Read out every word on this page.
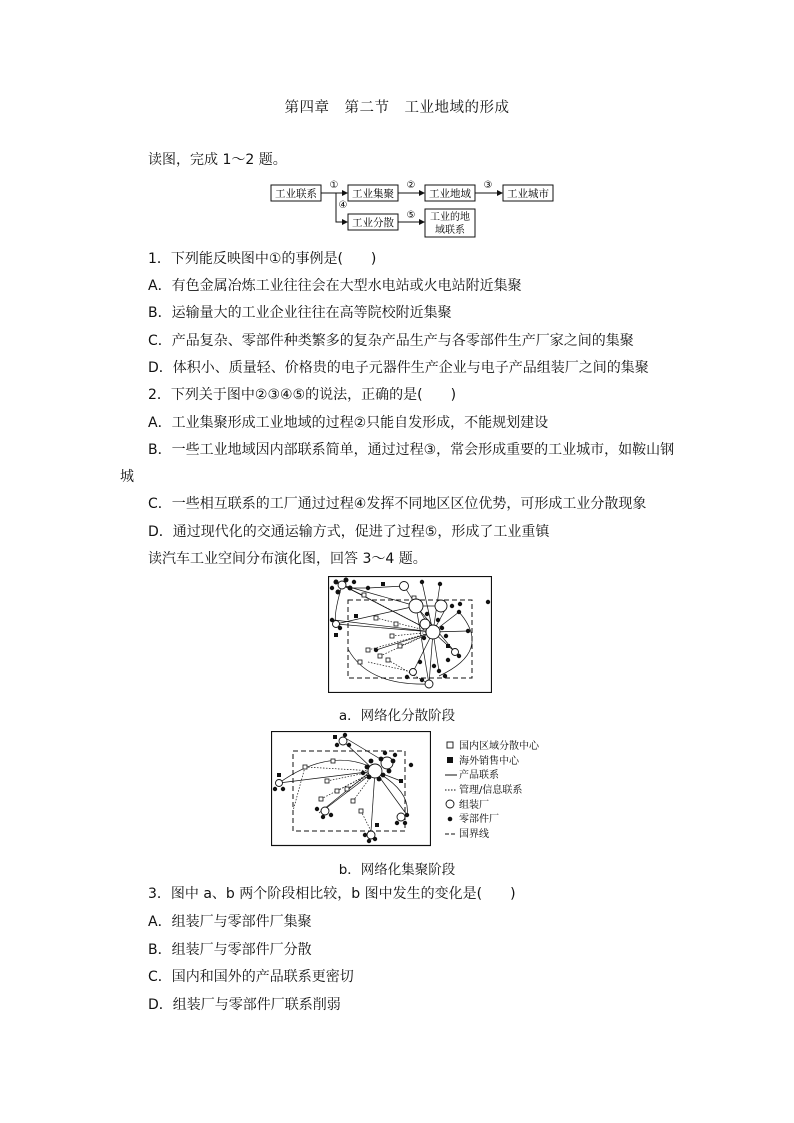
第四章　第二节　工业地域的形成
读图，完成 1～2 题。
工业联系	工业集聚	工业地域	工业城市
工业分散	工业的地
域联系
①	②	③
④
⑤
1．下列能反映图中①的事例是(　　)
A．有色金属冶炼工业往往会在大型水电站或火电站附近集聚
B．运输量大的工业企业往往在高等院校附近集聚
C．产品复杂、零部件种类繁多的复杂产品生产与各零部件生产厂家之间的集聚
D．体积小、质量轻、价格贵的电子元器件生产企业与电子产品组装厂之间的集聚
2．下列关于图中②③④⑤的说法，正确的是(　　)
A．工业集聚形成工业地域的过程②只能自发形成，不能规划建设
B．一些工业地域因内部联系简单，通过过程③，常会形成重要的工业城市，如鞍山钢
城
C．一些相互联系的工厂通过过程④发挥不同地区区位优势，可形成工业分散现象
D．通过现代化的交通运输方式，促进了过程⑤，形成了工业重镇
读汽车工业空间分布演化图，回答 3～4 题。
a．网络化分散阶段
国内区域分散中心
海外销售中心
产品联系
管理/信息联系
组装厂
零部件厂
国界线
b．网络化集聚阶段
3．图中 a、b 两个阶段相比较，b 图中发生的变化是(　　)
A．组装厂与零部件厂集聚
B．组装厂与零部件厂分散
C．国内和国外的产品联系更密切
D．组装厂与零部件厂联系削弱
